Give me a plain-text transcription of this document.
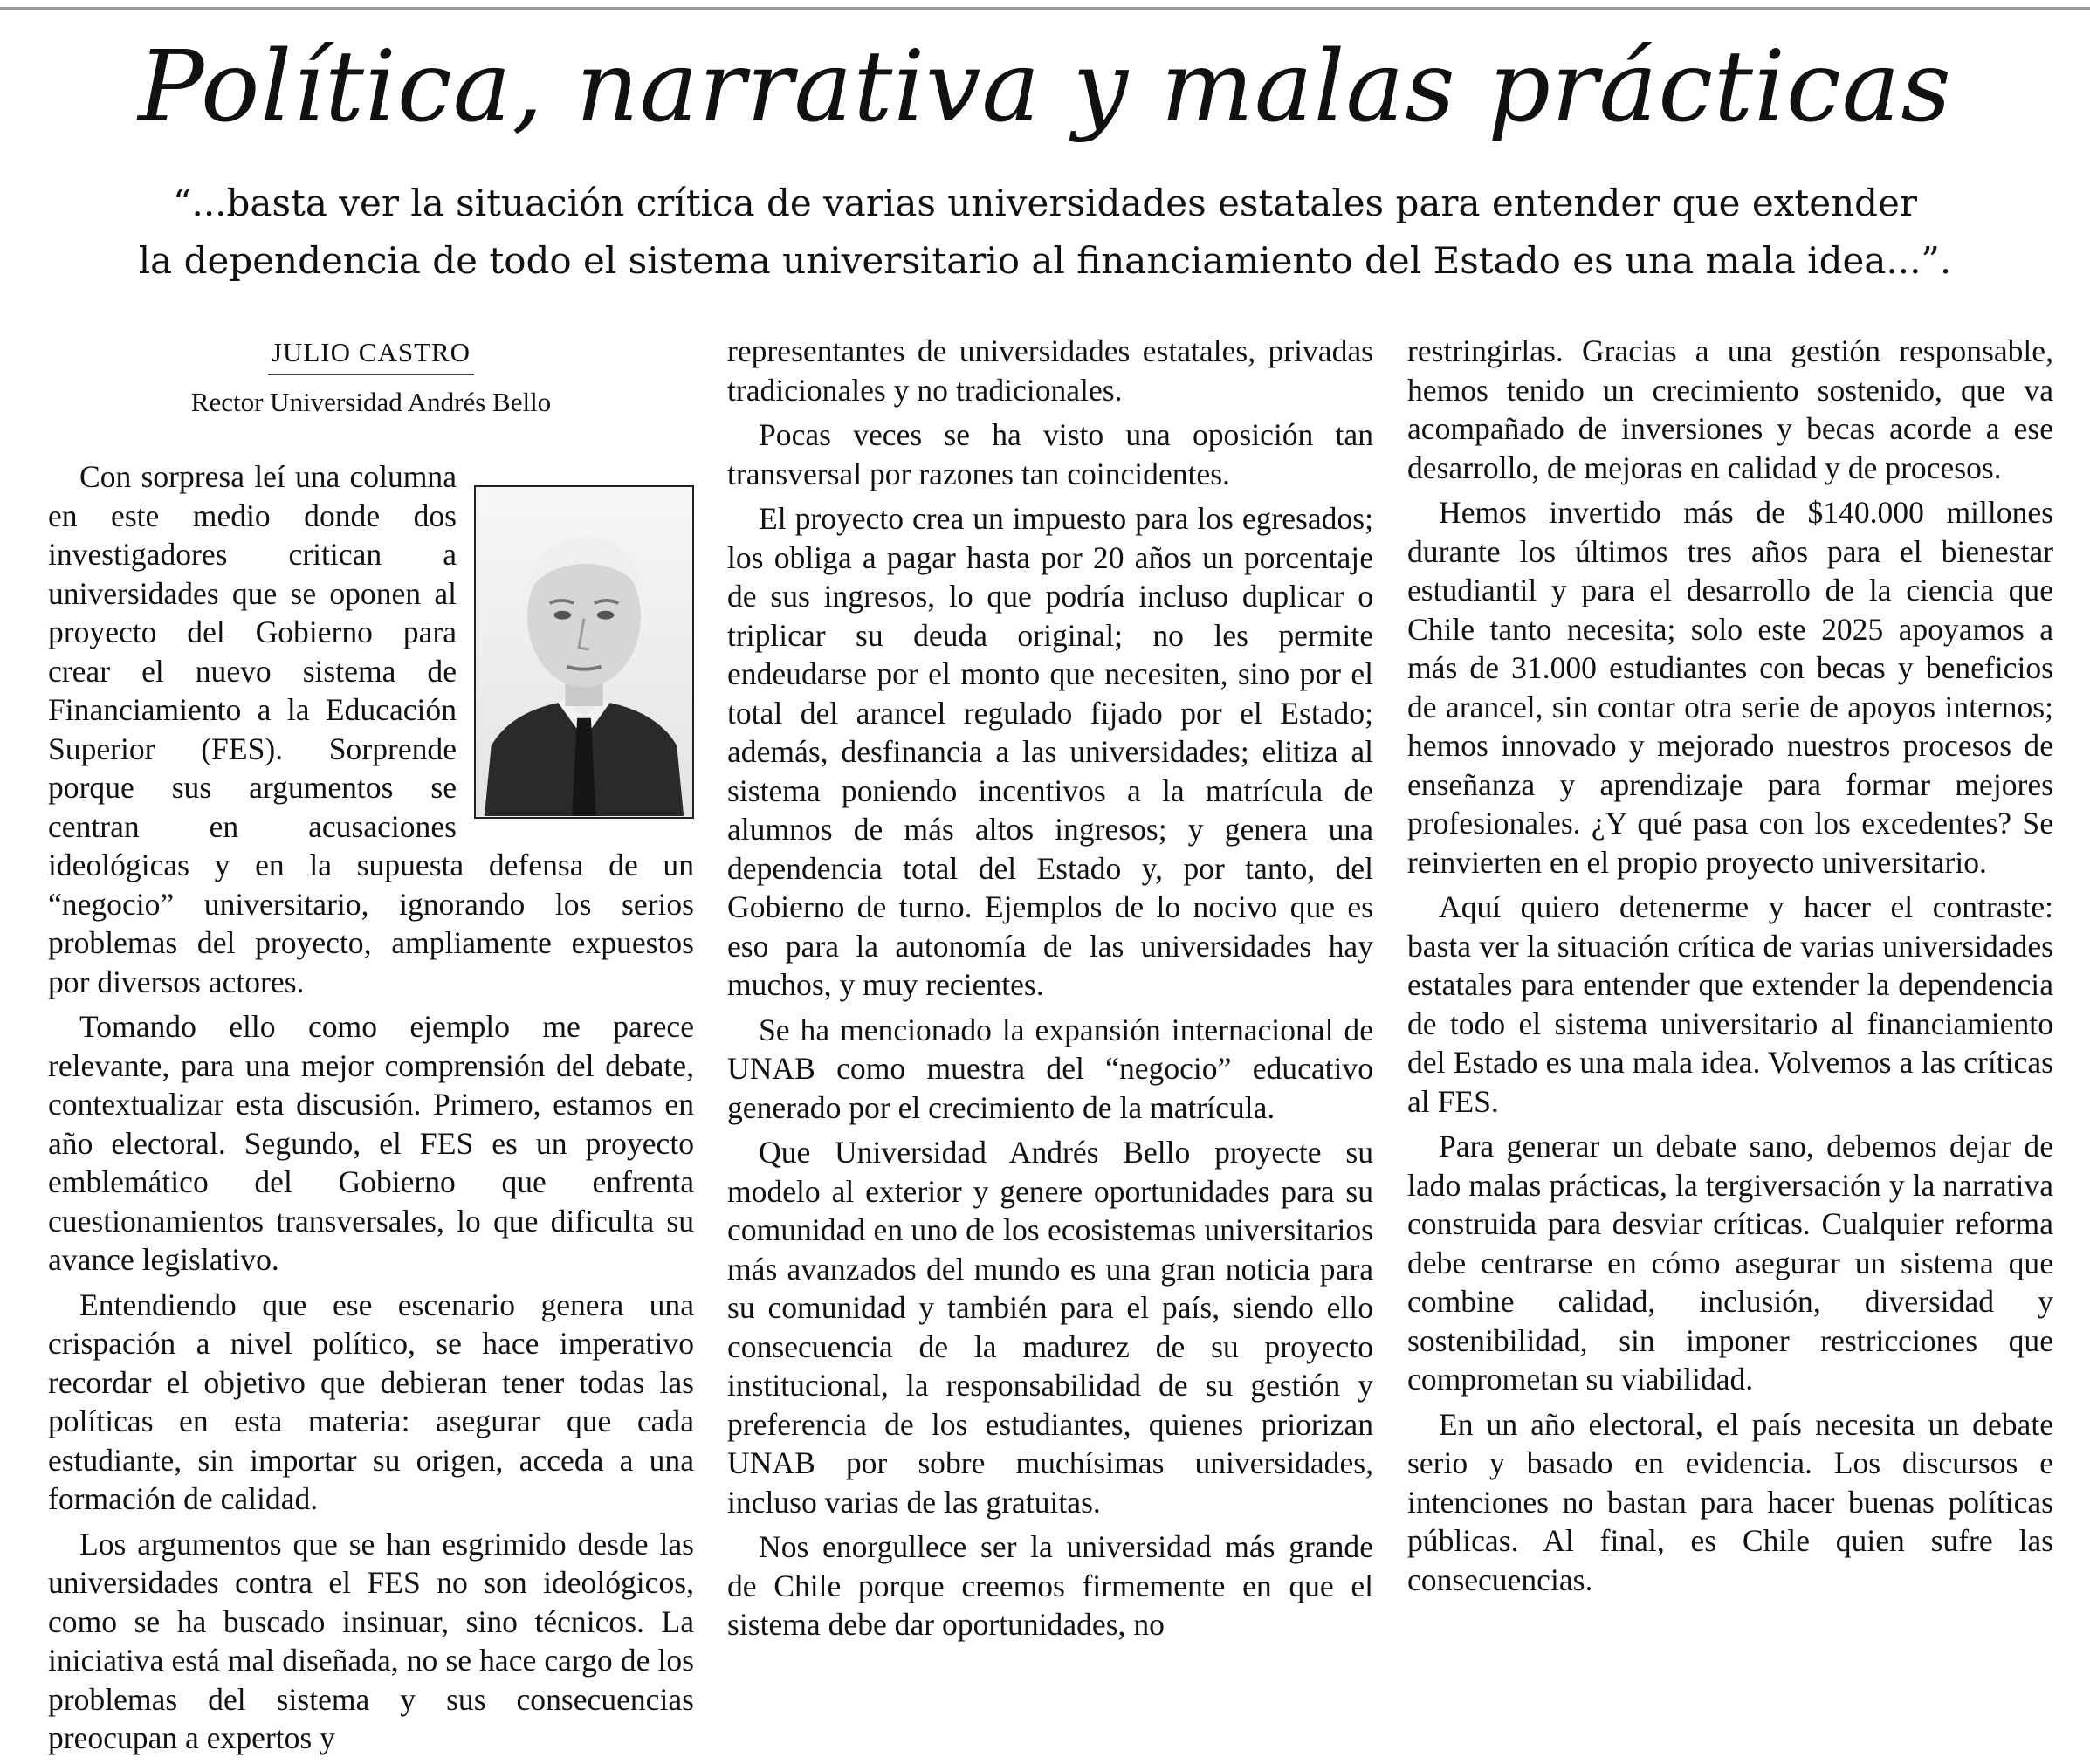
Política, narrativa y malas prácticas
“...basta ver la situación crítica de varias universidades estatales para entender que extender
la dependencia de todo el sistema universitario al financiamiento del Estado es una mala idea...”.
JULIO CASTRO
Rector Universidad Andrés Bello

Con sorpresa leí una columna en este medio donde dos investigadores critican a universidades que se oponen al proyecto del Gobierno para crear el nuevo sistema de Financiamiento a la Educación Superior (FES). Sorprende porque sus argumentos se centran en acusaciones ideológicas y en la supuesta defensa de un “negocio” universitario, ignorando los serios problemas del proyecto, ampliamente expuestos por diversos actores.

Tomando ello como ejemplo me parece relevante, para una mejor comprensión del debate, contextualizar esta discusión. Primero, estamos en año electoral. Segundo, el FES es un proyecto emblemático del Gobierno que enfrenta cuestionamientos transversales, lo que dificulta su avance legislativo.

Entendiendo que ese escenario genera una crispación a nivel político, se hace imperativo recordar el objetivo que debieran tener todas las políticas en esta materia: asegurar que cada estudiante, sin importar su origen, acceda a una formación de calidad.

Los argumentos que se han esgrimido desde las universidades contra el FES no son ideológicos, como se ha buscado insinuar, sino técnicos. La iniciativa está mal diseñada, no se hace cargo de los problemas del sistema y sus consecuencias preocupan a expertos y

representantes de universidades estatales, privadas tradicionales y no tradicionales.

Pocas veces se ha visto una oposición tan transversal por razones tan coincidentes.

El proyecto crea un impuesto para los egresados; los obliga a pagar hasta por 20 años un porcentaje de sus ingresos, lo que podría incluso duplicar o triplicar su deuda original; no les permite endeudarse por el monto que necesiten, sino por el total del arancel regulado fijado por el Estado; además, desfinancia a las universidades; elitiza al sistema poniendo incentivos a la matrícula de alumnos de más altos ingresos; y genera una dependencia total del Estado y, por tanto, del Gobierno de turno. Ejemplos de lo nocivo que es eso para la autonomía de las universidades hay muchos, y muy recientes.

Se ha mencionado la expansión internacional de UNAB como muestra del “negocio” educativo generado por el crecimiento de la matrícula.

Que Universidad Andrés Bello proyecte su modelo al exterior y genere oportunidades para su comunidad en uno de los ecosistemas universitarios más avanzados del mundo es una gran noticia para su comunidad y también para el país, siendo ello consecuencia de la madurez de su proyecto institucional, la responsabilidad de su gestión y preferencia de los estudiantes, quienes priorizan UNAB por sobre muchísimas universidades, incluso varias de las gratuitas.

Nos enorgullece ser la universidad más grande de Chile porque creemos firmemente en que el sistema debe dar oportunidades, no

restringirlas. Gracias a una gestión responsable, hemos tenido un crecimiento sostenido, que va acompañado de inversiones y becas acorde a ese desarrollo, de mejoras en calidad y de procesos.

Hemos invertido más de $140.000 millones durante los últimos tres años para el bienestar estudiantil y para el desarrollo de la ciencia que Chile tanto necesita; solo este 2025 apoyamos a más de 31.000 estudiantes con becas y beneficios de arancel, sin contar otra serie de apoyos internos; hemos innovado y mejorado nuestros procesos de enseñanza y aprendizaje para formar mejores profesionales. ¿Y qué pasa con los excedentes? Se reinvierten en el propio proyecto universitario.

Aquí quiero detenerme y hacer el contraste: basta ver la situación crítica de varias universidades estatales para entender que extender la dependencia de todo el sistema universitario al financiamiento del Estado es una mala idea. Volvemos a las críticas al FES.

Para generar un debate sano, debemos dejar de lado malas prácticas, la tergiversación y la narrativa construida para desviar críticas. Cualquier reforma debe centrarse en cómo asegurar un sistema que combine calidad, inclusión, diversidad y sostenibilidad, sin imponer restricciones que comprometan su viabilidad.

En un año electoral, el país necesita un debate serio y basado en evidencia. Los discursos e intenciones no bastan para hacer buenas políticas públicas. Al final, es Chile quien sufre las consecuencias.
